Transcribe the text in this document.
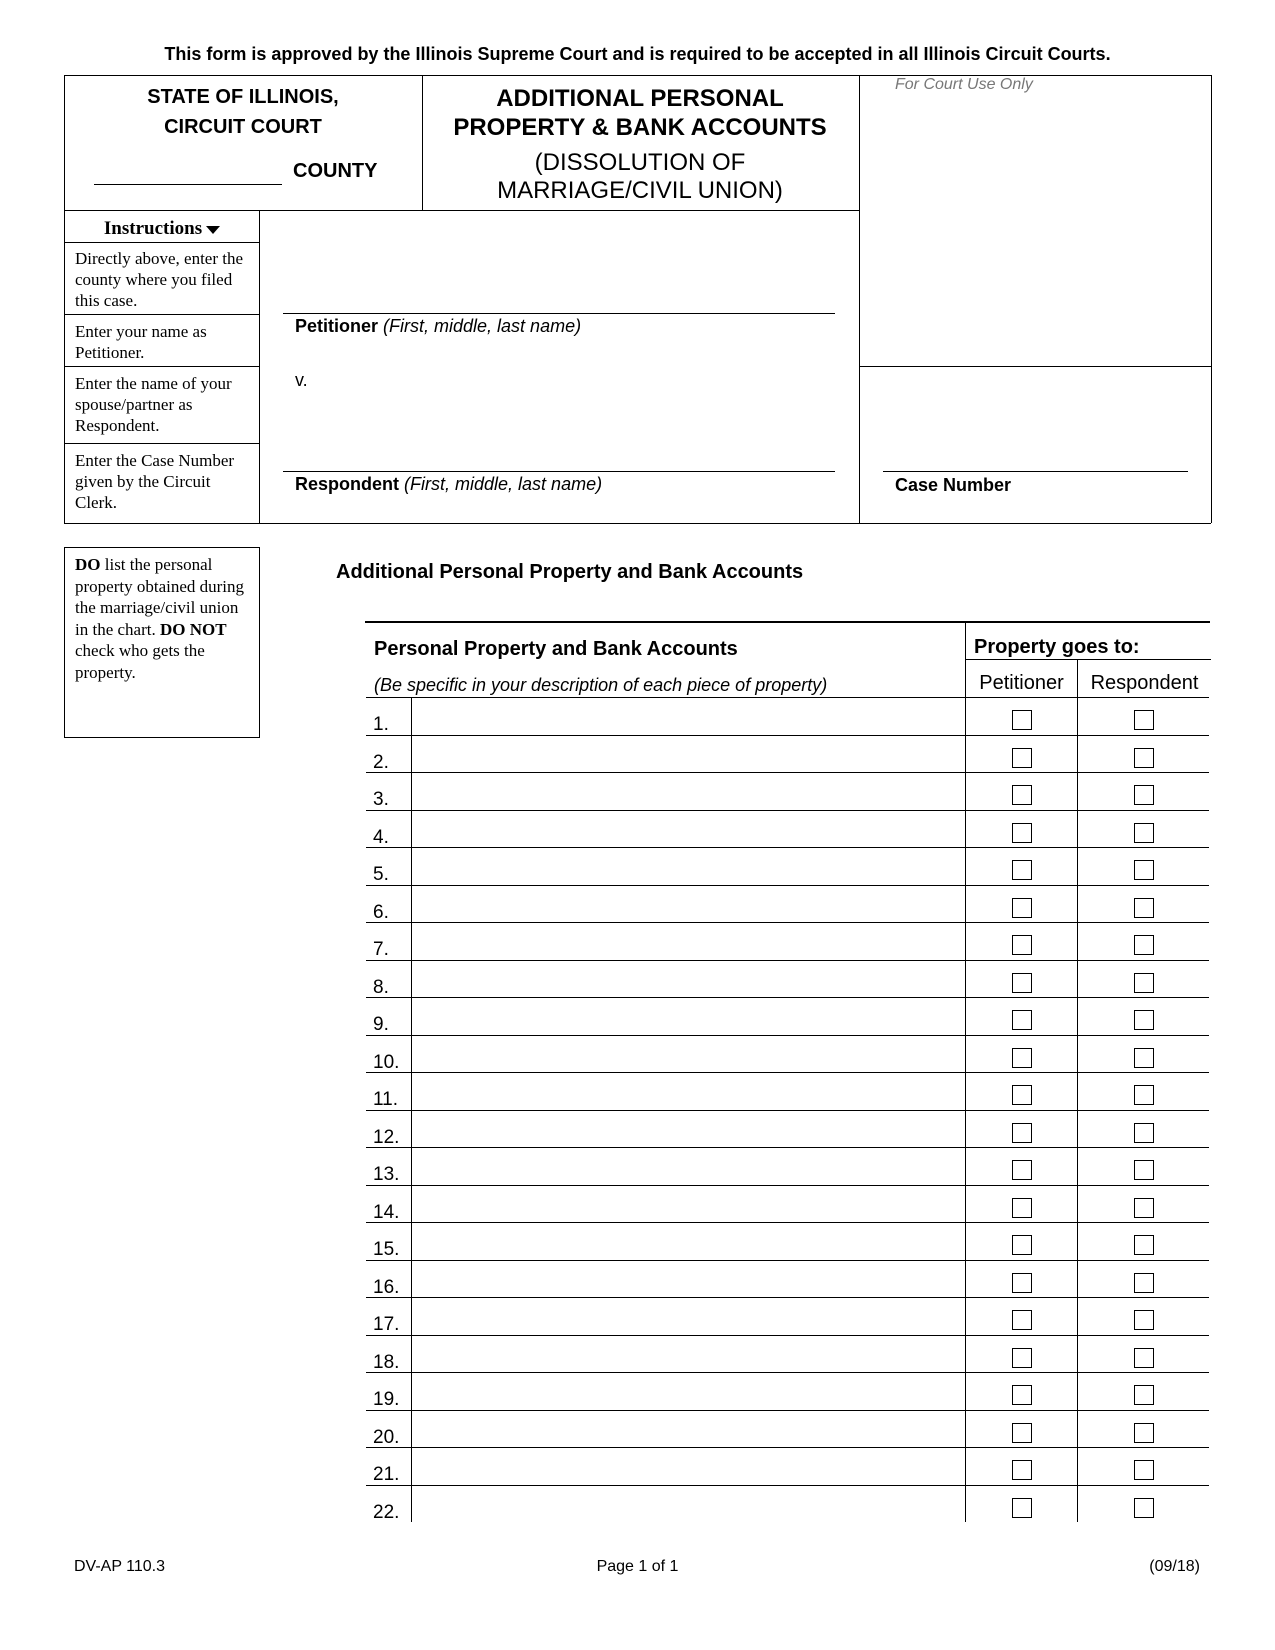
This form is approved by the Illinois Supreme Court and is required to be accepted in all Illinois Circuit Courts.
STATE OF ILLINOIS,
CIRCUIT COURT
COUNTY
ADDITIONAL PERSONAL
PROPERTY & BANK ACCOUNTS
(DISSOLUTION OF
MARRIAGE/CIVIL UNION)
For Court Use Only
Instructions
Directly above, enter the county where you filed this case.
Enter your name as Petitioner.
Enter the name of your spouse/partner as Respondent.
Enter the Case Number given by the Circuit Clerk.
Petitioner (First, middle, last name)
v.
Respondent (First, middle, last name)	Case Number
DO list the personal property obtained during the marriage/civil union in the chart. DO NOT check who gets the property.
Additional Personal Property and Bank Accounts
Personal Property and Bank Accounts
(Be specific in your description of each piece of property)
Property goes to:
Petitioner	Respondent
1.
2.
3.
4.
5.
6.
7.
8.
9.
10.
11.
12.
13.
14.
15.
16.
17.
18.
19.
20.
21.
22.
DV-AP 110.3	Page 1 of 1	(09/18)
